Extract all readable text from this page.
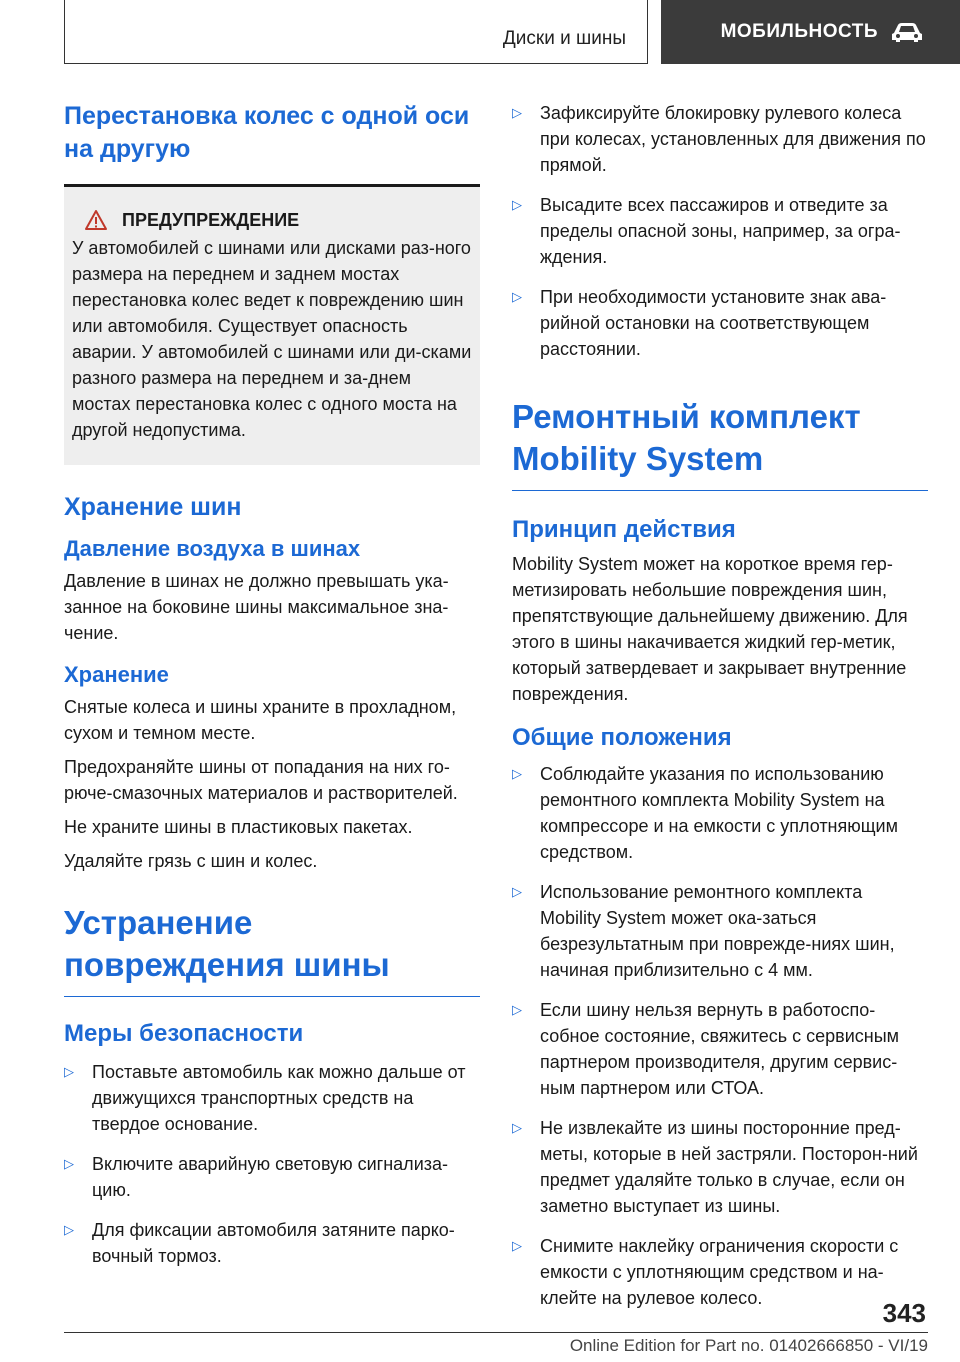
Диски и шины	МОБИЛЬНОСТЬ
Перестановка колес с одной оси на другую
ПРЕДУПРЕЖДЕНИЕ

У автомобилей с шинами или дисками раз-ного размера на переднем и заднем мостах перестановка колес ведет к повреждению шин или автомобиля. Существует опасность аварии. У автомобилей с шинами или ди-сками разного размера на переднем и за-днем мостах перестановка колес с одного моста на другой недопустима.

Хранение шин
Давление воздуха в шинах

Давление в шинах не должно превышать ука-занное на боковине шины максимальное зна-чение.

Хранение

Снятые колеса и шины храните в прохладном, сухом и темном месте.

Предохраняйте шины от попадания на них го-рюче-смазочных материалов и растворителей.

Не храните шины в пластиковых пакетах.

Удаляйте грязь с шин и колес.

Устранение повреждения шины
Меры безопасности
▷ Поставьте автомобиль как можно дальше от движущихся транспортных средств на твердое основание.
▷ Включите аварийную световую сигнализа-цию.
▷ Для фиксации автомобиля затяните парко-вочный тормоз.
▷ Зафиксируйте блокировку рулевого колеса при колесах, установленных для движения по прямой.
▷ Высадите всех пассажиров и отведите за пределы опасной зоны, например, за огра-ждения.
▷ При необходимости установите знак ава-рийной остановки на соответствующем расстоянии.
Ремонтный комплект Mobility System
Принцип действия

Mobility System может на короткое время гер-метизировать небольшие повреждения шин, препятствующие дальнейшему движению. Для этого в шины накачивается жидкий гер-метик, который затвердевает и закрывает внутренние повреждения.

Общие положения
▷ Соблюдайте указания по использованию ремонтного комплекта Mobility System на компрессоре и на емкости с уплотняющим средством.
▷ Использование ремонтного комплекта Mobility System может ока-заться безрезультатным при поврежде-ниях шин, начиная приблизительно с 4 мм.
▷ Если шину нельзя вернуть в работоспо-собное состояние, свяжитесь с сервисным партнером производителя, другим сервис-ным партнером или СТОА.
▷ Не извлекайте из шины посторонние пред-меты, которые в ней застряли. Посторон-ний предмет удаляйте только в случае, если он заметно выступает из шины.
▷ Снимите наклейку ограничения скорости с емкости с уплотняющим средством и на-клейте на рулевое колесо.	343
Online Edition for Part no. 01402666850 - VI/19
